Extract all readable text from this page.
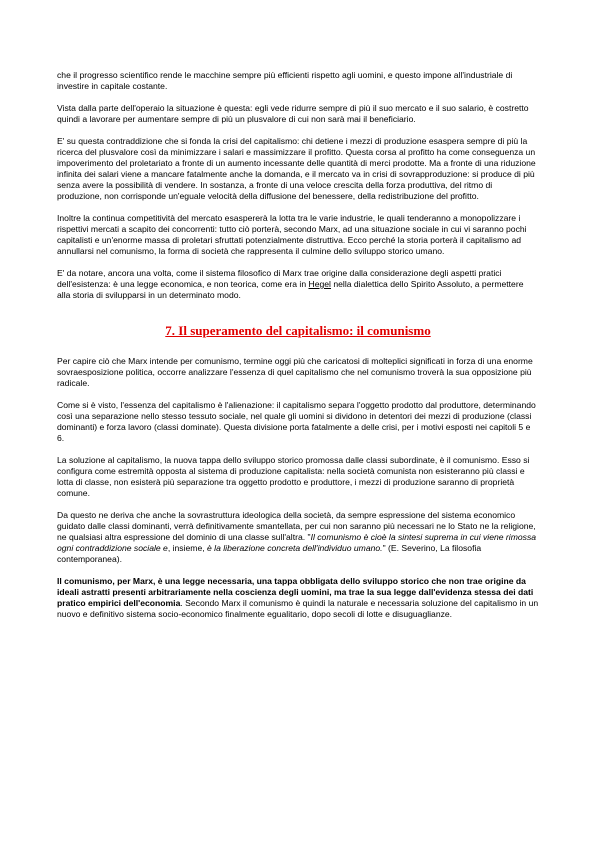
che il progresso scientifico rende le macchine sempre più efficienti rispetto agli uomini, e questo impone all'industriale di investire in capitale costante.

Vista dalla parte dell'operaio la situazione è questa: egli vede ridurre sempre di più il suo mercato e il suo salario, è costretto quindi a lavorare per aumentare sempre di più un plusvalore di cui non sarà mai il beneficiario.

E' su questa contraddizione che si fonda la crisi del capitalismo: chi detiene i mezzi di produzione esaspera sempre di più la ricerca del plusvalore così da minimizzare i salari e massimizzare il profitto. Questa corsa al profitto ha come conseguenza un impoverimento del proletariato a fronte di un aumento incessante delle quantità di merci prodotte. Ma a fronte di una riduzione infinita dei salari viene a mancare fatalmente anche la domanda, e il mercato va in crisi di sovrapproduzione: si produce di più senza avere la possibilità di vendere. In sostanza, a fronte di una veloce crescita della forza produttiva, del ritmo di produzione, non corrisponde un'eguale velocità della diffusione del benessere, della redistribuzione del profitto.

Inoltre la continua competitività del mercato esaspererà la lotta tra le varie industrie, le quali tenderanno a monopolizzare i rispettivi mercati a scapito dei concorrenti: tutto ciò porterà, secondo Marx, ad una situazione sociale in cui vi saranno pochi capitalisti e un'enorme massa di proletari sfruttati potenzialmente distruttiva. Ecco perché la storia porterà il capitalismo ad annullarsi nel comunismo, la forma di società che rappresenta il culmine dello sviluppo storico umano.

E' da notare, ancora una volta, come il sistema filosofico di Marx trae origine dalla considerazione degli aspetti pratici dell'esistenza: è una legge economica, e non teorica, come era in Hegel nella dialettica dello Spirito Assoluto, a permettere alla storia di svilupparsi in un determinato modo.

7. Il superamento del capitalismo: il comunismo

Per capire ciò che Marx intende per comunismo, termine oggi più che caricatosi di molteplici significati in forza di una enorme sovraesposizione politica, occorre analizzare l'essenza di quel capitalismo che nel comunismo troverà la sua opposizione più radicale.

Come si è visto, l'essenza del capitalismo è l'alienazione: il capitalismo separa l'oggetto prodotto dal produttore, determinando così una separazione nello stesso tessuto sociale, nel quale gli uomini si dividono in detentori dei mezzi di produzione (classi dominanti) e forza lavoro (classi dominate). Questa divisione porta fatalmente a delle crisi, per i motivi esposti nei capitoli 5 e 6.

La soluzione al capitalismo, la nuova tappa dello sviluppo storico promossa dalle classi subordinate, è il comunismo. Esso si configura come estremità opposta al sistema di produzione capitalista: nella società comunista non esisteranno più classi e lotta di classe, non esisterà più separazione tra oggetto prodotto e produttore, i mezzi di produzione saranno di proprietà comune.

Da questo ne deriva che anche la sovrastruttura ideologica della società, da sempre espressione del sistema economico guidato dalle classi dominanti, verrà definitivamente smantellata, per cui non saranno più necessari ne lo Stato ne la religione, ne qualsiasi altra espressione del dominio di una classe sull'altra. "Il comunismo è cioè la sintesi suprema in cui viene rimossa ogni contraddizione sociale e, insieme, è la liberazione concreta dell'individuo umano." (E. Severino, La filosofia contemporanea).

Il comunismo, per Marx, è una legge necessaria, una tappa obbligata dello sviluppo storico che non trae origine da ideali astratti presenti arbitrariamente nella coscienza degli uomini, ma trae la sua legge dall'evidenza stessa dei dati pratico empirici dell'economia. Secondo Marx il comunismo è quindi la naturale e necessaria soluzione del capitalismo in un nuovo e definitivo sistema socio-economico finalmente egualitario, dopo secoli di lotte e disuguaglianze.
